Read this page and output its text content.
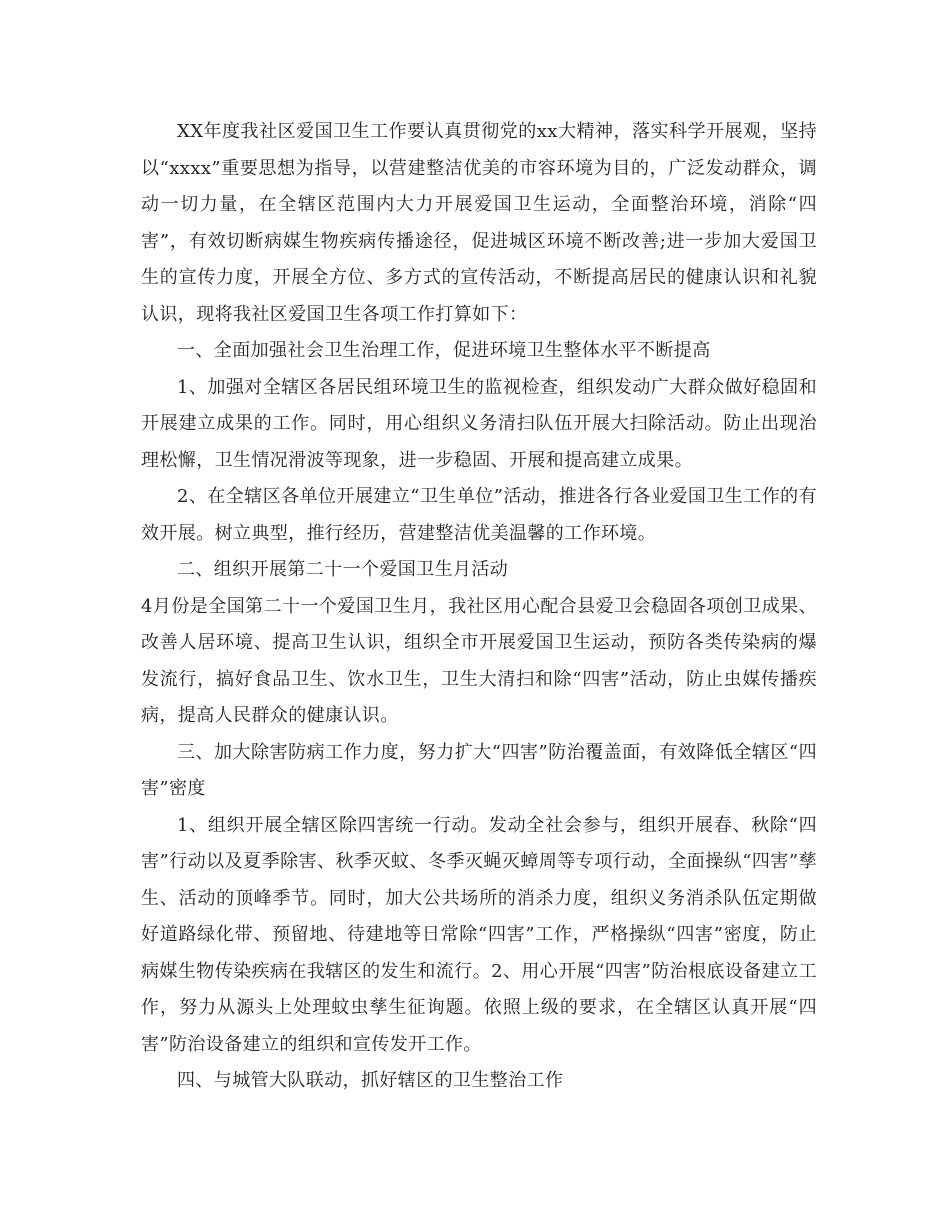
XX年度我社区爱国卫生工作要认真贯彻党的xx大精神，落实科学开展观，坚持以“xxxx”重要思想为指导，以营建整洁优美的市容环境为目的，广泛发动群众，调动一切力量，在全辖区范围内大力开展爱国卫生运动，全面整治环境，消除“四害”，有效切断病媒生物疾病传播途径，促进城区环境不断改善;进一步加大爱国卫生的宣传力度，开展全方位、多方式的宣传活动，不断提高居民的健康认识和礼貌认识，现将我社区爱国卫生各项工作打算如下：

一、全面加强社会卫生治理工作，促进环境卫生整体水平不断提高

1、加强对全辖区各居民组环境卫生的监视检查，组织发动广大群众做好稳固和开展建立成果的工作。同时，用心组织义务清扫队伍开展大扫除活动。防止出现治理松懈，卫生情况滑波等现象，进一步稳固、开展和提高建立成果。

2、在全辖区各单位开展建立“卫生单位”活动，推进各行各业爱国卫生工作的有效开展。树立典型，推行经历，营建整洁优美温馨的工作环境。

二、组织开展第二十一个爱国卫生月活动

4月份是全国第二十一个爱国卫生月，我社区用心配合县爱卫会稳固各项创卫成果、改善人居环境、提高卫生认识，组织全市开展爱国卫生运动，预防各类传染病的爆发流行，搞好食品卫生、饮水卫生，卫生大清扫和除“四害”活动，防止虫媒传播疾病，提高人民群众的健康认识。

三、加大除害防病工作力度，努力扩大“四害”防治覆盖面，有效降低全辖区“四害”密度

1、组织开展全辖区除四害统一行动。发动全社会参与，组织开展春、秋除“四害”行动以及夏季除害、秋季灭蚊、冬季灭蝇灭蟑周等专项行动，全面操纵“四害”孳生、活动的顶峰季节。同时，加大公共场所的消杀力度，组织义务消杀队伍定期做好道路绿化带、预留地、待建地等日常除“四害”工作，严格操纵“四害”密度，防止病媒生物传染疾病在我辖区的发生和流行。2、用心开展“四害”防治根底设备建立工作，努力从源头上处理蚊虫孳生征询题。依照上级的要求，在全辖区认真开展“四害”防治设备建立的组织和宣传发开工作。

四、与城管大队联动，抓好辖区的卫生整治工作
